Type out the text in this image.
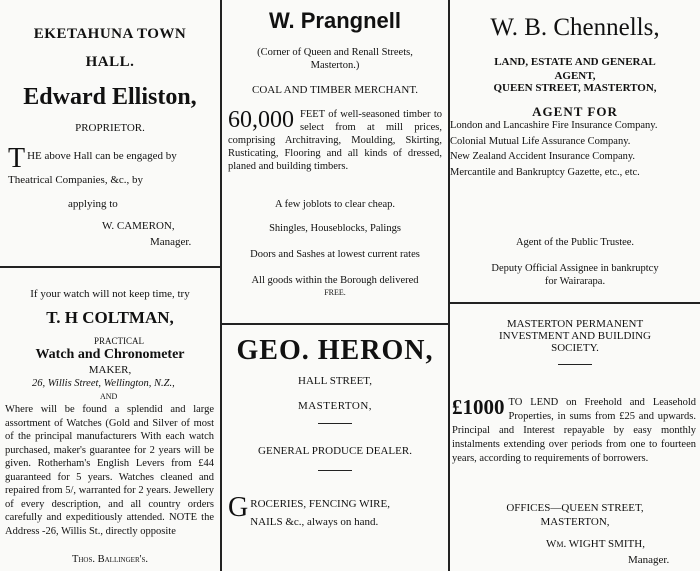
EKETAHUNA TOWN

HALL.

Edward Elliston,

PROPRIETOR.

T HE above Hall can be engaged by

Theatrical Companies, &c., by

applying to

W. CAMERON,

Manager.

If your watch will not keep time, try

T. H COLTMAN,

PRACTICAL

Watch and Chronometer

MAKER,

26, Willis Street, Wellington, N.Z.,

AND

Where will be found a splendid and large assortment of Watches (Gold and Silver of most of the principal manufacturers With each watch purchased, maker's guarantee for 2 years will be given. Rotherham's English Levers from £44 guaranteed for 5 years. Watches cleaned and repaired from 5/, warranted for 2 years. Jewellery of every description, and all country orders carefully and expeditiously attended. NOTE the Address -26, Willis St., directly opposite

Thos. Ballinger's.

W. Prangnell

(Corner of Queen and Renall Streets,

Masterton.)

COAL AND TIMBER MERCHANT.

60,000 FEET of well-seasoned timber to select from at mill prices, comprising Architraving, Moulding, Skirting, Rusticating, Flooring and all kinds of dressed, planed and building timbers.

A few joblots to clear cheap.

Shingles, Houseblocks, Palings

Doors and Sashes at lowest current rates

All goods within the Borough delivered

FREE.

GEO. HERON,

HALL STREET,

MASTERTON,

GENERAL PRODUCE DEALER.

G ROCERIES, FENCING WIRE,

NAILS &c., always on hand.

W. B. Chennells,

LAND, ESTATE AND GENERAL

AGENT,

QUEEN STREET, MASTERTON,

AGENT FOR

London and Lancashire Fire Insurance Company.

Colonial Mutual Life Assurance Company.

New Zealand Accident Insurance Company.

Mercantile and Bankruptcy Gazette, etc., etc.

Agent of the Public Trustee.

Deputy Official Assignee in bankruptcy

for Wairarapa.

MASTERTON PERMANENT

INVESTMENT AND BUILDING

SOCIETY.

£1000 TO LEND on Freehold and Leasehold Properties, in sums from £25 and upwards. Principal and Interest repayable by easy monthly instalments extending over periods from one to fourteen years, according to requirements of borrowers.

OFFICES—QUEEN STREET,

MASTERTON,

Wm. WIGHT SMITH,

Manager.
